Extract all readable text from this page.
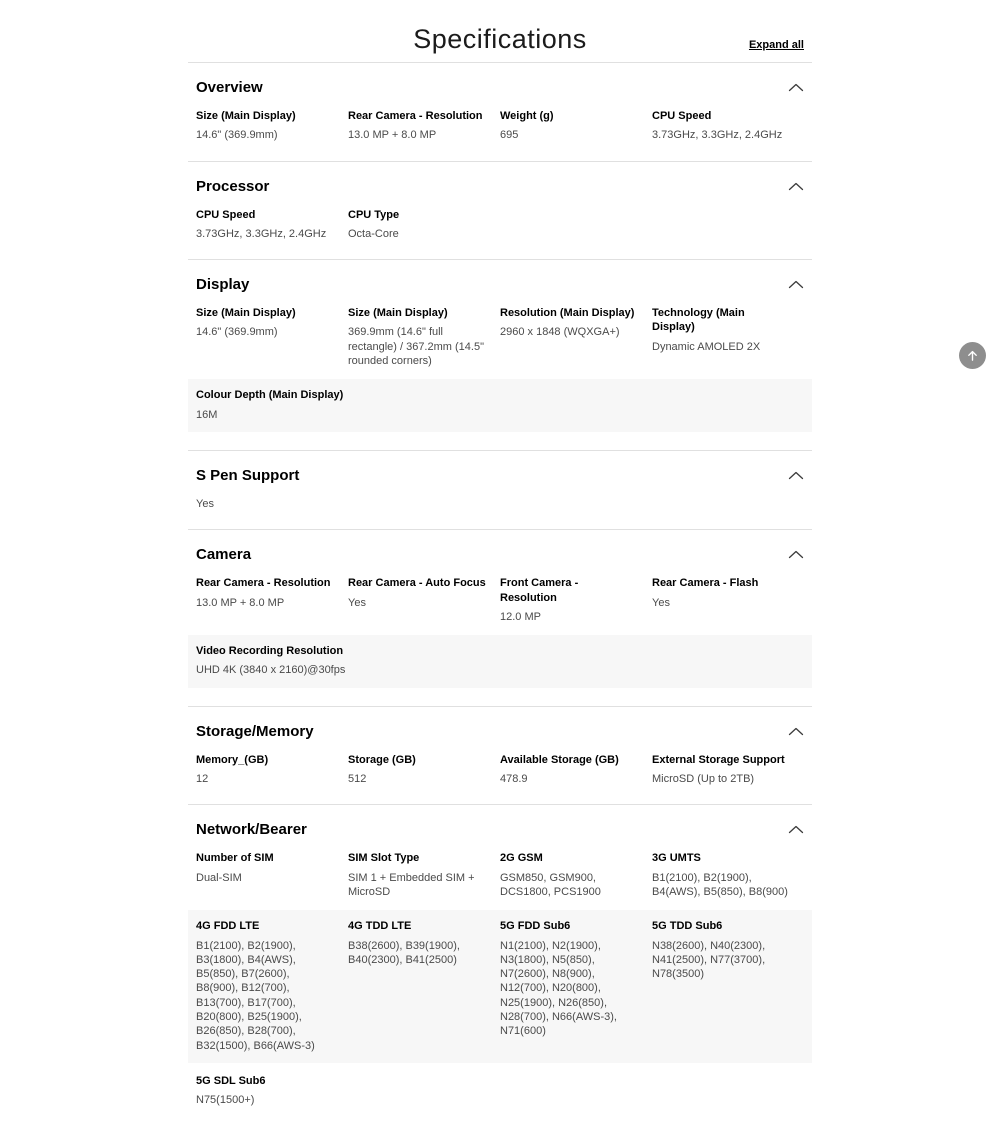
Specifications	Expand all
Overview
Size (Main Display)
14.6" (369.9mm)
Rear Camera - Resolution
13.0 MP + 8.0 MP
Weight (g)
695
CPU Speed
3.73GHz, 3.3GHz, 2.4GHz
Processor
CPU Speed
3.73GHz, 3.3GHz, 2.4GHz
CPU Type
Octa-Core
Display
Size (Main Display)
14.6" (369.9mm)
Size (Main Display)
369.9mm (14.6" full rectangle) / 367.2mm (14.5" rounded corners)
Resolution (Main Display)
2960 x 1848 (WQXGA+)
Technology (Main Display)
Dynamic AMOLED 2X
Colour Depth (Main Display)
16M
S Pen Support
Yes
Camera
Rear Camera - Resolution
13.0 MP + 8.0 MP
Rear Camera - Auto Focus
Yes
Front Camera - Resolution
12.0 MP
Rear Camera - Flash
Yes
Video Recording Resolution
UHD 4K (3840 x 2160)@30fps
Storage/Memory
Memory_(GB)
12
Storage (GB)
512
Available Storage (GB)
478.9
External Storage Support
MicroSD (Up to 2TB)
Network/Bearer
Number of SIM
Dual-SIM
SIM Slot Type
SIM 1 + Embedded SIM + MicroSD
2G GSM
GSM850, GSM900, DCS1800, PCS1900
3G UMTS
B1(2100), B2(1900), B4(AWS), B5(850), B8(900)
4G FDD LTE
B1(2100), B2(1900), B3(1800), B4(AWS), B5(850), B7(2600), B8(900), B12(700), B13(700), B17(700), B20(800), B25(1900), B26(850), B28(700), B32(1500), B66(AWS-3)
4G TDD LTE
B38(2600), B39(1900), B40(2300), B41(2500)
5G FDD Sub6
N1(2100), N2(1900), N3(1800), N5(850), N7(2600), N8(900), N12(700), N20(800), N25(1900), N26(850), N28(700), N66(AWS-3), N71(600)
5G TDD Sub6
N38(2600), N40(2300), N41(2500), N77(3700), N78(3500)
5G SDL Sub6
N75(1500+)
